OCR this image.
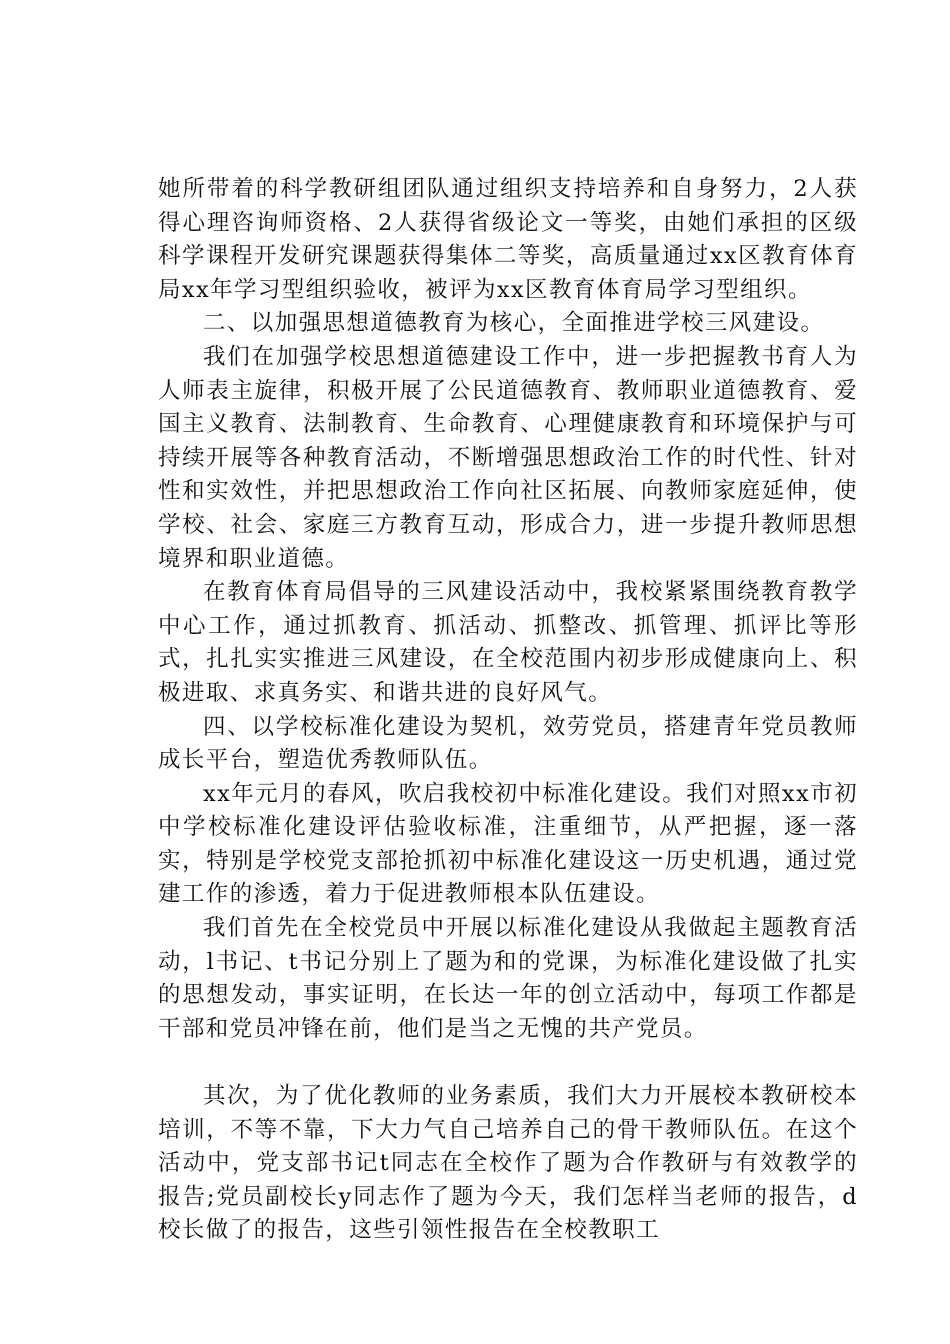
她所带着的科学教研组团队通过组织支持培养和自身努力，2人获得心理咨询师资格、2人获得省级论文一等奖，由她们承担的区级科学课程开发研究课题获得集体二等奖，高质量通过xx区教育体育局xx年学习型组织验收，被评为xx区教育体育局学习型组织。

二、以加强思想道德教育为核心，全面推进学校三风建设。

我们在加强学校思想道德建设工作中，进一步把握教书育人为人师表主旋律，积极开展了公民道德教育、教师职业道德教育、爱国主义教育、法制教育、生命教育、心理健康教育和环境保护与可持续开展等各种教育活动，不断增强思想政治工作的时代性、针对性和实效性，并把思想政治工作向社区拓展、向教师家庭延伸，使学校、社会、家庭三方教育互动，形成合力，进一步提升教师思想境界和职业道德。

在教育体育局倡导的三风建设活动中，我校紧紧围绕教育教学中心工作，通过抓教育、抓活动、抓整改、抓管理、抓评比等形式，扎扎实实推进三风建设，在全校范围内初步形成健康向上、积极进取、求真务实、和谐共进的良好风气。

四、以学校标准化建设为契机，效劳党员，搭建青年党员教师成长平台，塑造优秀教师队伍。

xx年元月的春风，吹启我校初中标准化建设。我们对照xx市初中学校标准化建设评估验收标准，注重细节，从严把握，逐一落实，特别是学校党支部抢抓初中标准化建设这一历史机遇，通过党建工作的渗透，着力于促进教师根本队伍建设。

我们首先在全校党员中开展以标准化建设从我做起主题教育活动，l书记、t书记分别上了题为和的党课，为标准化建设做了扎实的思想发动，事实证明，在长达一年的创立活动中，每项工作都是干部和党员冲锋在前，他们是当之无愧的共产党员。

其次，为了优化教师的业务素质，我们大力开展校本教研校本培训，不等不靠，下大力气自己培养自己的骨干教师队伍。在这个活动中，党支部书记t同志在全校作了题为合作教研与有效教学的报告;党员副校长y同志作了题为今天，我们怎样当老师的报告，d校长做了的报告，这些引领性报告在全校教职工
